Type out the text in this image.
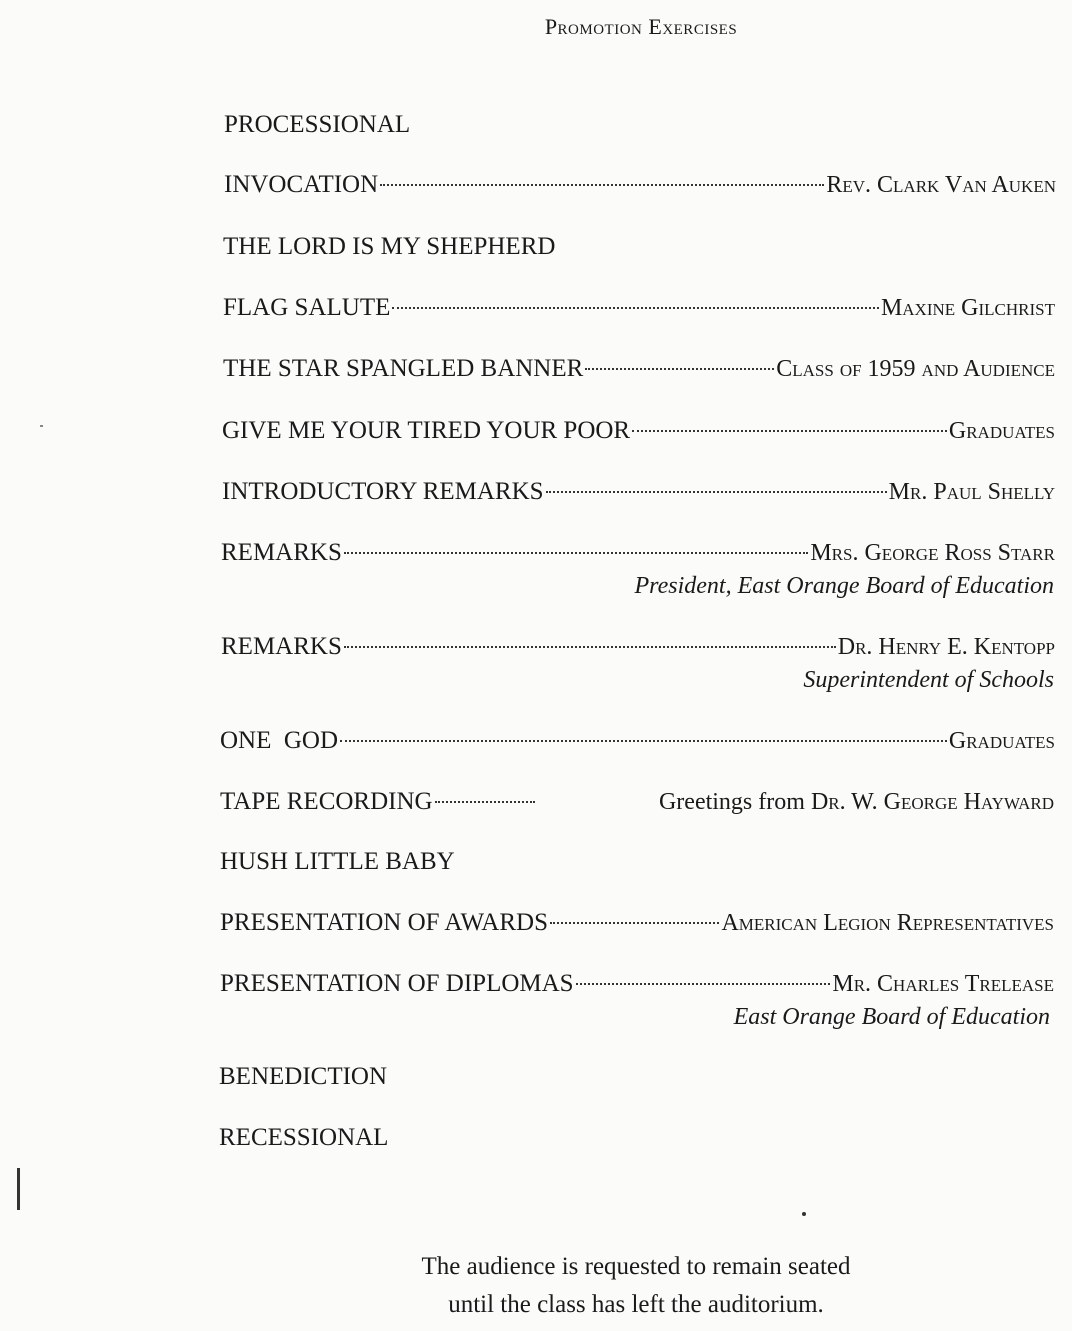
Promotion Exercises
PROCESSIONAL
INVOCATION	Rev. Clark Van Auken
THE LORD IS MY SHEPHERD
FLAG SALUTE	Maxine Gilchrist
THE STAR SPANGLED BANNER	Class of 1959 and Audience
GIVE ME YOUR TIRED YOUR POOR	Graduates
INTRODUCTORY REMARKS	Mr. Paul Shelly
REMARKS	Mrs. George Ross Starr
President, East Orange Board of Education
REMARKS	Dr. Henry E. Kentopp
Superintendent of Schools
ONE  GOD	Graduates
TAPE RECORDING	Greetings from Dr. W. George Hayward
HUSH LITTLE BABY
PRESENTATION OF AWARDS	American Legion Representatives
PRESENTATION OF DIPLOMAS	Mr. Charles Trelease
East Orange Board of Education
BENEDICTION
RECESSIONAL
The audience is requested to remain seated
until the class has left the auditorium.
